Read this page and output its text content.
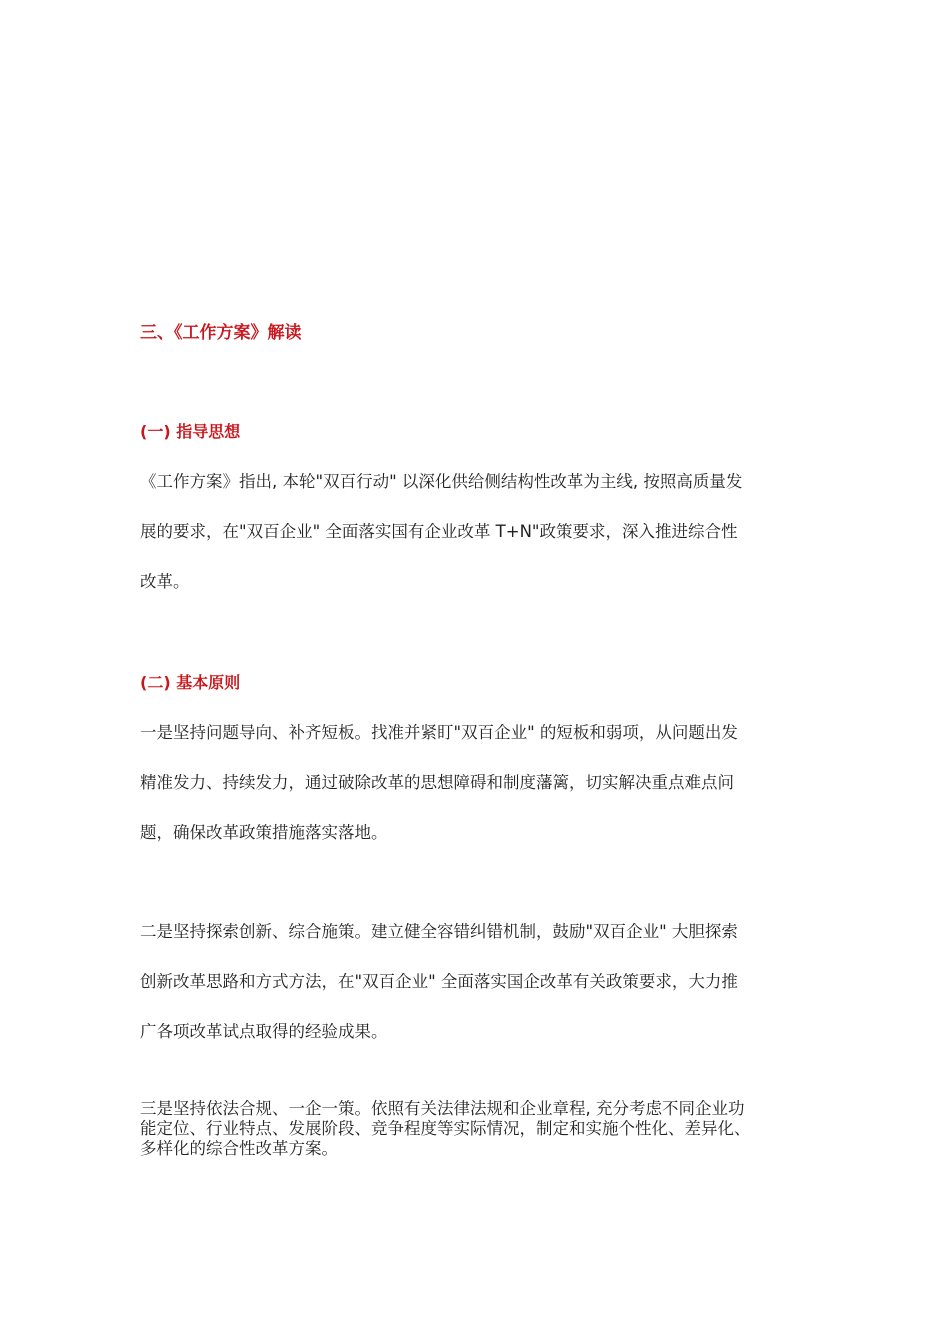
三、《工作方案》解读
(一) 指导思想

《工作方案》指出, 本轮"双百行动" 以深化供给侧结构性改革为主线, 按照高质量发
展的要求，在"双百企业" 全面落实国有企业改革 T+N"政策要求，深入推进综合性
改革。

(二) 基本原则

一是坚持问题导向、补齐短板。找准并紧盯"双百企业" 的短板和弱项，从问题出发
精准发力、持续发力，通过破除改革的思想障碍和制度藩篱，切实解决重点难点问
题，确保改革政策措施落实落地。

二是坚持探索创新、综合施策。建立健全容错纠错机制，鼓励"双百企业" 大胆探索
创新改革思路和方式方法，在"双百企业" 全面落实国企改革有关政策要求，大力推
广各项改革试点取得的经验成果。

三是坚持依法合规、一企一策。依照有关法律法规和企业章程, 充分考虑不同企业功
能定位、行业特点、发展阶段、竞争程度等实际情况，制定和实施个性化、差异化、
多样化的综合性改革方案。
